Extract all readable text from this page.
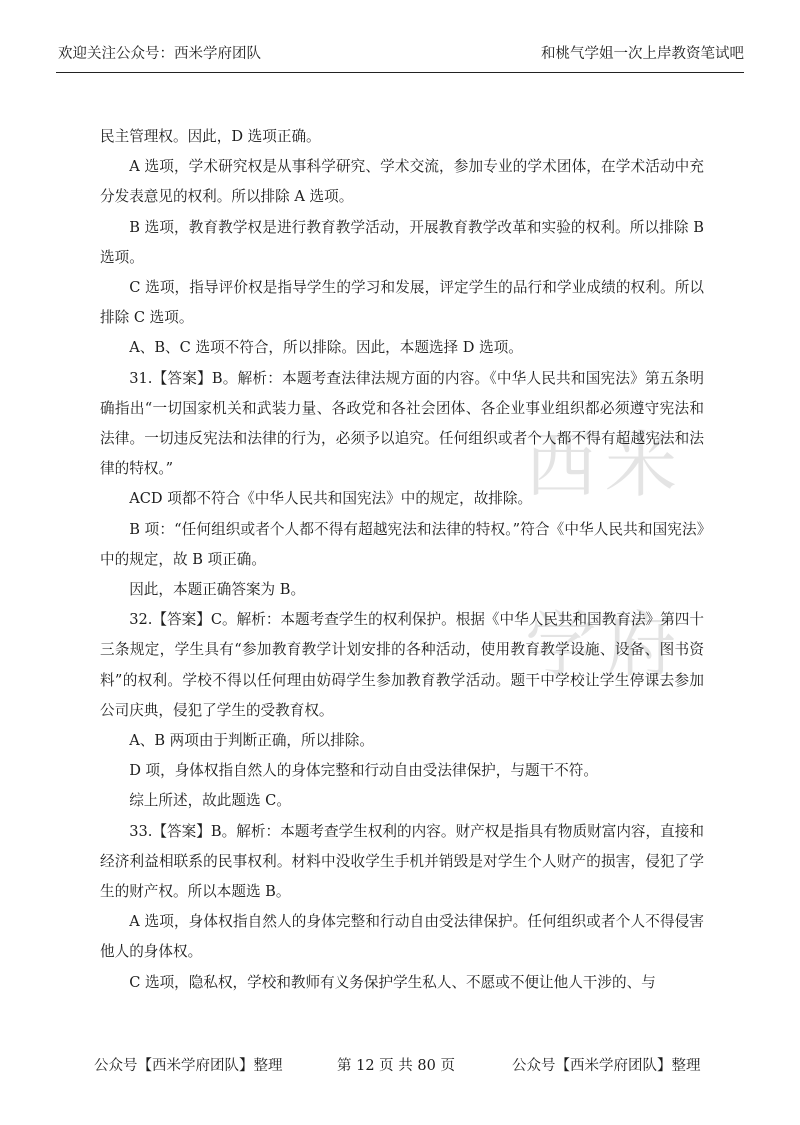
欢迎关注公众号：西米学府团队	和桃气学姐一次上岸教资笔试吧
西 米
学 府

民主管理权。因此，D 选项正确。

A 选项，学术研究权是从事科学研究、学术交流，参加专业的学术团体，在学术活动中充分发表意见的权利。所以排除 A 选项。

B 选项，教育教学权是进行教育教学活动，开展教育教学改革和实验的权利。所以排除 B 选项。

C 选项，指导评价权是指导学生的学习和发展，评定学生的品行和学业成绩的权利。所以排除 C 选项。

A、B、C 选项不符合，所以排除。因此，本题选择 D 选项。

31.【答案】B。解析：本题考查法律法规方面的内容。《中华人民共和国宪法》第五条明确指出“一切国家机关和武装力量、各政党和各社会团体、各企业事业组织都必须遵守宪法和法律。一切违反宪法和法律的行为，必须予以追究。任何组织或者个人都不得有超越宪法和法律的特权。”

ACD 项都不符合《中华人民共和国宪法》中的规定，故排除。

B 项：“任何组织或者个人都不得有超越宪法和法律的特权。”符合《中华人民共和国宪法》中的规定，故 B 项正确。

因此，本题正确答案为 B。

32.【答案】C。解析：本题考查学生的权利保护。根据《中华人民共和国教育法》第四十三条规定，学生具有“参加教育教学计划安排的各种活动，使用教育教学设施、设备、图书资料”的权利。学校不得以任何理由妨碍学生参加教育教学活动。题干中学校让学生停课去参加公司庆典，侵犯了学生的受教育权。

A、B 两项由于判断正确，所以排除。

D 项，身体权指自然人的身体完整和行动自由受法律保护，与题干不符。

综上所述，故此题选 C。

33.【答案】B。解析：本题考查学生权利的内容。财产权是指具有物质财富内容，直接和经济利益相联系的民事权利。材料中没收学生手机并销毁是对学生个人财产的损害，侵犯了学生的财产权。所以本题选 B。

A 选项，身体权指自然人的身体完整和行动自由受法律保护。任何组织或者个人不得侵害他人的身体权。

C 选项，隐私权，学校和教师有义务保护学生私人、不愿或不便让他人干涉的、与

公众号【西米学府团队】整理	第 12 页 共 80 页	公众号【西米学府团队】整理
